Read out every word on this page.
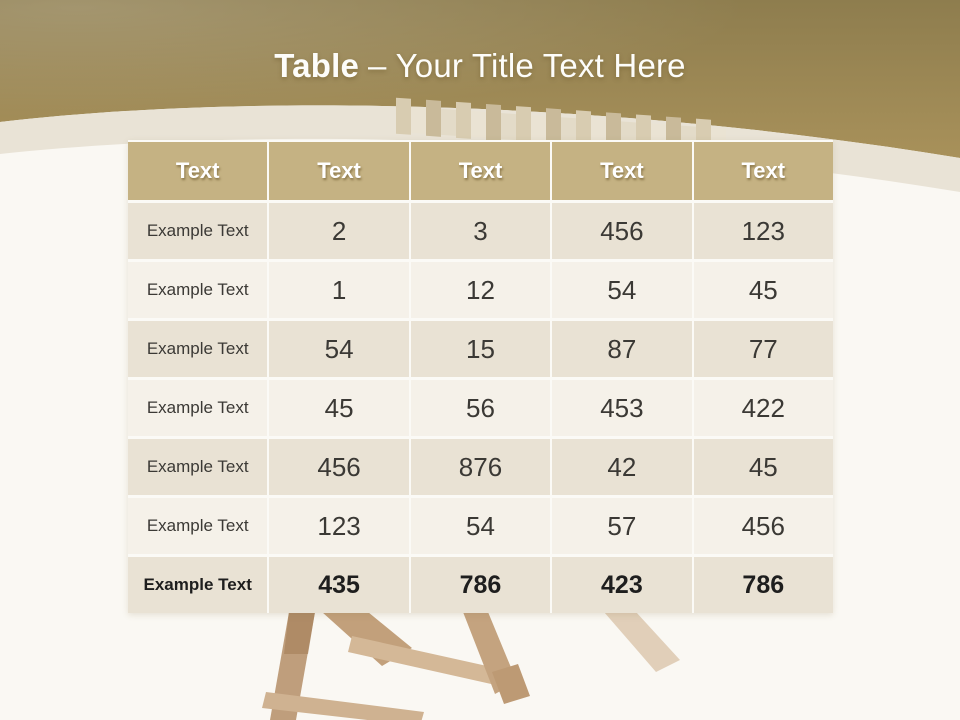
Table – Your Title Text Here
Text	Text	Text	Text	Text
Example Text	2	3	456	123
Example Text	1	12	54	45
Example Text	54	15	87	77
Example Text	45	56	453	422
Example Text	456	876	42	45
Example Text	123	54	57	456
Example Text	435	786	423	786
